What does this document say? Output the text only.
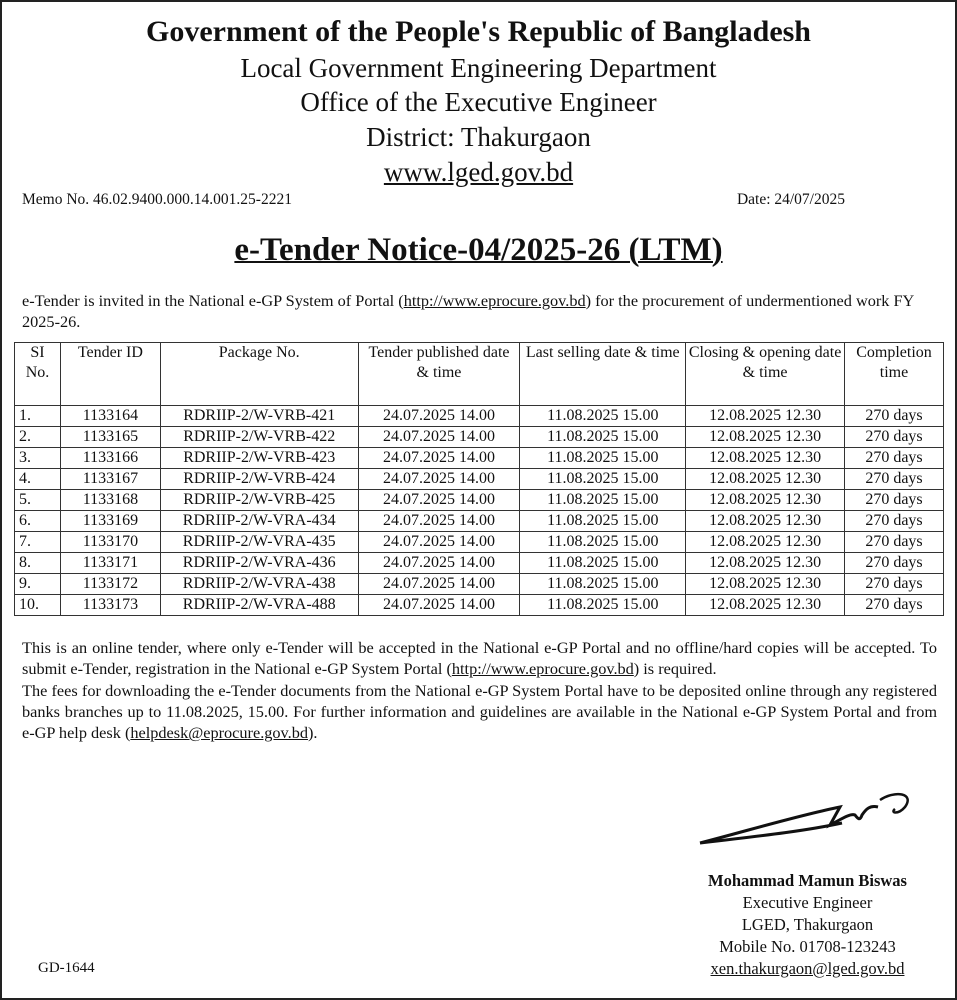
Government of the People's Republic of Bangladesh
Local Government Engineering Department
Office of the Executive Engineer
District: Thakurgaon
www.lged.gov.bd
Memo No. 46.02.9400.000.14.001.25-2221	Date: 24/07/2025
e-Tender Notice-04/2025-26 (LTM)
e-Tender is invited in the National e-GP System of Portal (http://www.eprocure.gov.bd) for the procurement of undermentioned work FY 2025-26.
SI No.	Tender ID	Package No.	Tender published date & time	Last selling date & time	Closing & opening date & time	Completion time
1.	1133164	RDRIIP-2/W-VRB-421	24.07.2025 14.00	11.08.2025 15.00	12.08.2025 12.30	270 days
2.	1133165	RDRIIP-2/W-VRB-422	24.07.2025 14.00	11.08.2025 15.00	12.08.2025 12.30	270 days
3.	1133166	RDRIIP-2/W-VRB-423	24.07.2025 14.00	11.08.2025 15.00	12.08.2025 12.30	270 days
4.	1133167	RDRIIP-2/W-VRB-424	24.07.2025 14.00	11.08.2025 15.00	12.08.2025 12.30	270 days
5.	1133168	RDRIIP-2/W-VRB-425	24.07.2025 14.00	11.08.2025 15.00	12.08.2025 12.30	270 days
6.	1133169	RDRIIP-2/W-VRA-434	24.07.2025 14.00	11.08.2025 15.00	12.08.2025 12.30	270 days
7.	1133170	RDRIIP-2/W-VRA-435	24.07.2025 14.00	11.08.2025 15.00	12.08.2025 12.30	270 days
8.	1133171	RDRIIP-2/W-VRA-436	24.07.2025 14.00	11.08.2025 15.00	12.08.2025 12.30	270 days
9.	1133172	RDRIIP-2/W-VRA-438	24.07.2025 14.00	11.08.2025 15.00	12.08.2025 12.30	270 days
10.	1133173	RDRIIP-2/W-VRA-488	24.07.2025 14.00	11.08.2025 15.00	12.08.2025 12.30	270 days

This is an online tender, where only e-Tender will be accepted in the National e-GP Portal and no offline/hard copies will be accepted. To submit e-Tender, registration in the National e-GP System Portal (http://www.eprocure.gov.bd) is required.

The fees for downloading the e-Tender documents from the National e-GP System Portal have to be deposited online through any registered banks branches up to 11.08.2025, 15.00. For further information and guidelines are available in the National e-GP System Portal and from e-GP help desk (helpdesk@eprocure.gov.bd).

Mohammad Mamun Biswas
Executive Engineer
LGED, Thakurgaon
Mobile No. 01708-123243
xen.thakurgaon@lged.gov.bd
GD-1644
